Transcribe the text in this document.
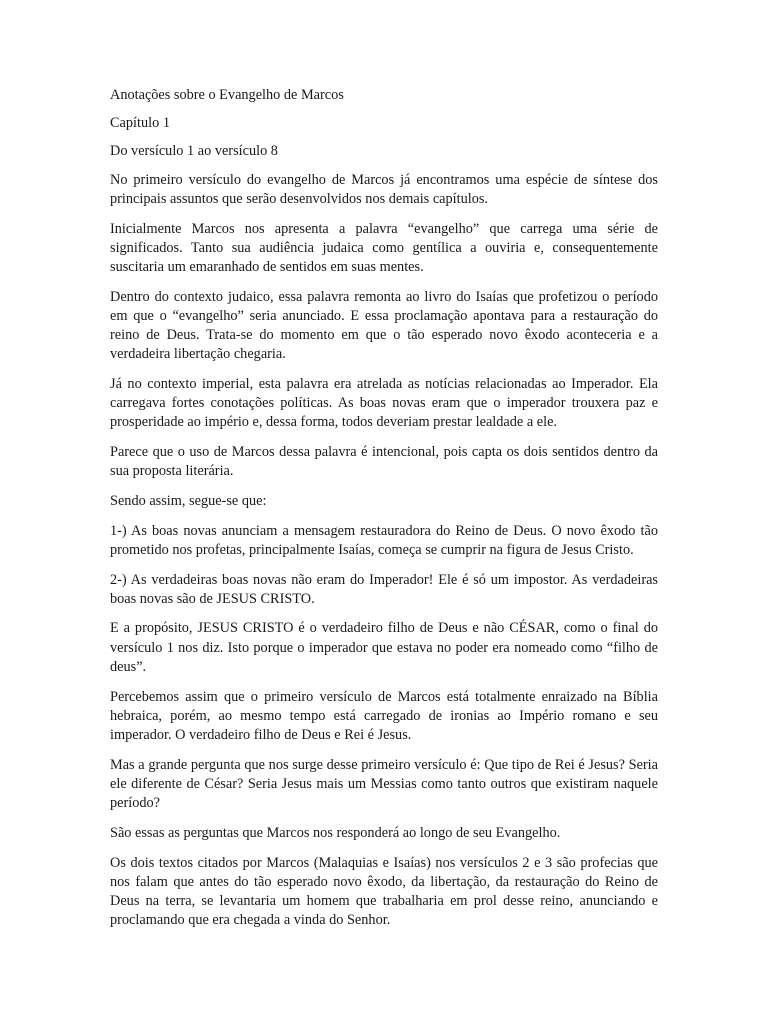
Anotações sobre o Evangelho de Marcos

Capítulo 1

Do versículo 1 ao versículo 8

No primeiro versículo do evangelho de Marcos já encontramos uma espécie de síntese dos principais assuntos que serão desenvolvidos nos demais capítulos.

Inicialmente Marcos nos apresenta a palavra “evangelho” que carrega uma série de significados. Tanto sua audiência judaica como gentílica a ouviria e, consequentemente suscitaria um emaranhado de sentidos em suas mentes.

Dentro do contexto judaico, essa palavra remonta ao livro do Isaías que profetizou o período em que o “evangelho” seria anunciado. E essa proclamação apontava para a restauração do reino de Deus. Trata-se do momento em que o tão esperado novo êxodo aconteceria e a verdadeira libertação chegaria.

Já no contexto imperial, esta palavra era atrelada as notícias relacionadas ao Imperador. Ela carregava fortes conotações políticas. As boas novas eram que o imperador trouxera paz e prosperidade ao império e, dessa forma, todos deveriam prestar lealdade a ele.

Parece que o uso de Marcos dessa palavra é intencional, pois capta os dois sentidos dentro da sua proposta literária.

Sendo assim, segue-se que:

1-) As boas novas anunciam a mensagem restauradora do Reino de Deus. O novo êxodo tão prometido nos profetas, principalmente Isaías, começa se cumprir na figura de Jesus Cristo.

2-) As verdadeiras boas novas não eram do Imperador! Ele é só um impostor. As verdadeiras boas novas são de JESUS CRISTO.

E a propósito, JESUS CRISTO é o verdadeiro filho de Deus e não CÉSAR, como o final do versículo 1 nos diz. Isto porque o imperador que estava no poder era nomeado como “filho de deus”.

Percebemos assim que o primeiro versículo de Marcos está totalmente enraizado na Bíblia hebraica, porém, ao mesmo tempo está carregado de ironias ao Império romano e seu imperador. O verdadeiro filho de Deus e Rei é Jesus.

Mas a grande pergunta que nos surge desse primeiro versículo é: Que tipo de Rei é Jesus? Seria ele diferente de César? Seria Jesus mais um Messias como tanto outros que existiram naquele período?

São essas as perguntas que Marcos nos responderá ao longo de seu Evangelho.

Os dois textos citados por Marcos (Malaquias e Isaías) nos versículos 2 e 3 são profecias que nos falam que antes do tão esperado novo êxodo, da libertação, da restauração do Reino de Deus na terra, se levantaria um homem que trabalharia em prol desse reino, anunciando e proclamando que era chegada a vinda do Senhor.
